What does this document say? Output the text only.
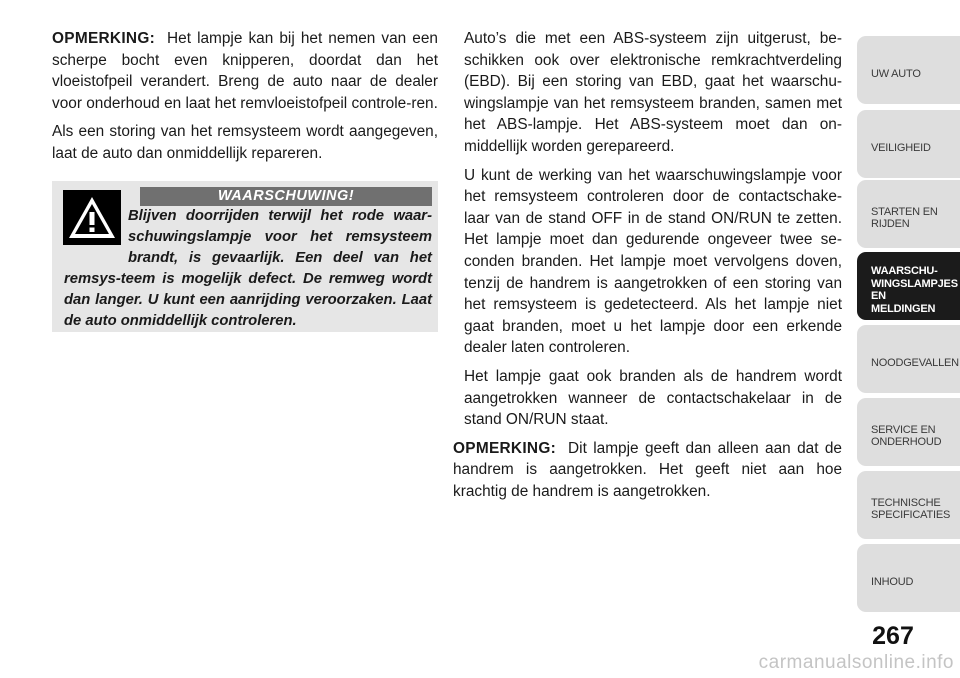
OPMERKING: Het lampje kan bij het nemen van een scherpe bocht even knipperen, doordat dan het vloeistofpeil verandert. Breng de auto naar de dealer voor onderhoud en laat het remvloeistofpeil controle-ren.

Als een storing van het remsysteem wordt aangegeven, laat de auto dan onmiddellijk repareren.

WAARSCHUWING!

Blijven doorrijden terwijl het rode waar-schuwingslampje voor het remsysteem brandt, is gevaarlijk. Een deel van het remsys-teem is mogelijk defect. De remweg wordt dan langer. U kunt een aanrijding veroorzaken. Laat de auto onmiddellijk controleren.

Auto’s die met een ABS-systeem zijn uitgerust, be-schikken ook over elektronische remkrachtverdeling (EBD). Bij een storing van EBD, gaat het waarschu-wingslampje van het remsysteem branden, samen met het ABS-lampje. Het ABS-systeem moet dan on-middellijk worden gerepareerd.

U kunt de werking van het waarschuwingslampje voor het remsysteem controleren door de contactschake-laar van de stand OFF in de stand ON/RUN te zetten. Het lampje moet dan gedurende ongeveer twee se-conden branden. Het lampje moet vervolgens doven, tenzij de handrem is aangetrokken of een storing van het remsysteem is gedetecteerd. Als het lampje niet gaat branden, moet u het lampje door een erkende dealer laten controleren.

Het lampje gaat ook branden als de handrem wordt aangetrokken wanneer de contactschakelaar in de stand ON/RUN staat.

OPMERKING: Dit lampje geeft dan alleen aan dat de handrem is aangetrokken. Het geeft niet aan hoe krachtig de handrem is aangetrokken.

UW AUTO
VEILIGHEID
STARTEN EN RIJDEN
WAARSCHU-WINGSLAMPJES EN MELDINGEN
NOODGEVALLEN
SERVICE EN ONDERHOUD
TECHNISCHE SPECIFICATIES
INHOUD
267
carmanualsonline.info
